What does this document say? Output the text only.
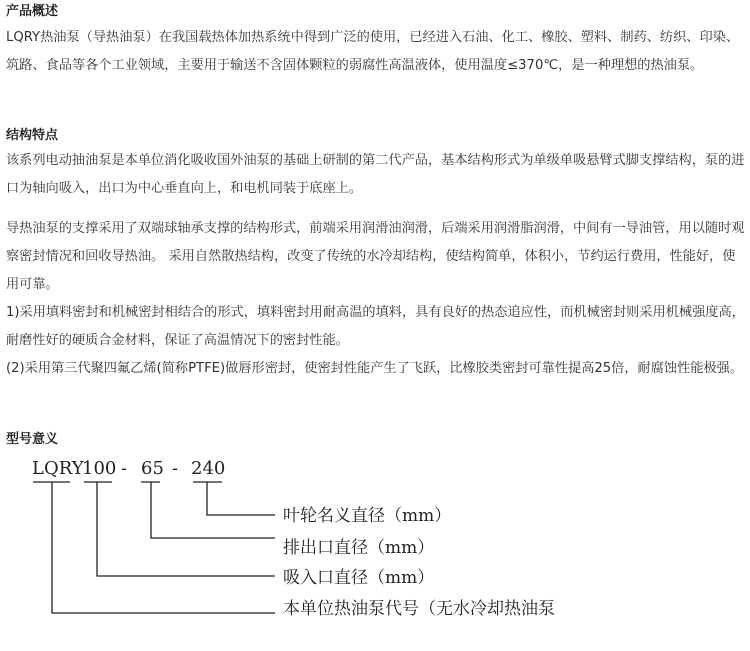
产品概述

LQRY热油泵（导热油泵）在我国载热体加热系统中得到广泛的使用，已经进入石油、化工、橡胶、塑料、制药、纺织、印染、筑路、食品等各个工业领域，主要用于输送不含固体颗粒的弱腐性高温液体，使用温度≤370℃，是一种理想的热油泵。

结构特点

该系列电动抽油泵是本单位消化吸收国外油泵的基础上研制的第二代产品，基本结构形式为单级单吸悬臂式脚支撑结构，泵的进口为轴向吸入，出口为中心垂直向上，和电机同装于底座上。

导热油泵的支撑采用了双端球轴承支撑的结构形式，前端采用润滑油润滑，后端采用润滑脂润滑，中间有一导油管，用以随时观察密封情况和回收导热油。 采用自然散热结构，改变了传统的水冷却结构，使结构简单，体积小，节约运行费用，性能好，使用可靠。

1)采用填料密封和机械密封相结合的形式，填料密封用耐高温的填料，具有良好的热态追应性，而机械密封则采用机械强度高，耐磨性好的硬质合金材料，保证了高温情况下的密封性能。

(2)采用第三代聚四氟乙烯(简称PTFE)做唇形密封，使密封性能产生了飞跃，比橡胶类密封可靠性提高25倍，耐腐蚀性能极强。

型号意义
LQRY
100 - 65 - 240
叶轮名义直径（mm）
排出口直径（mm）
吸入口直径（mm）
本单位热油泵代号（无水冷却热油泵
